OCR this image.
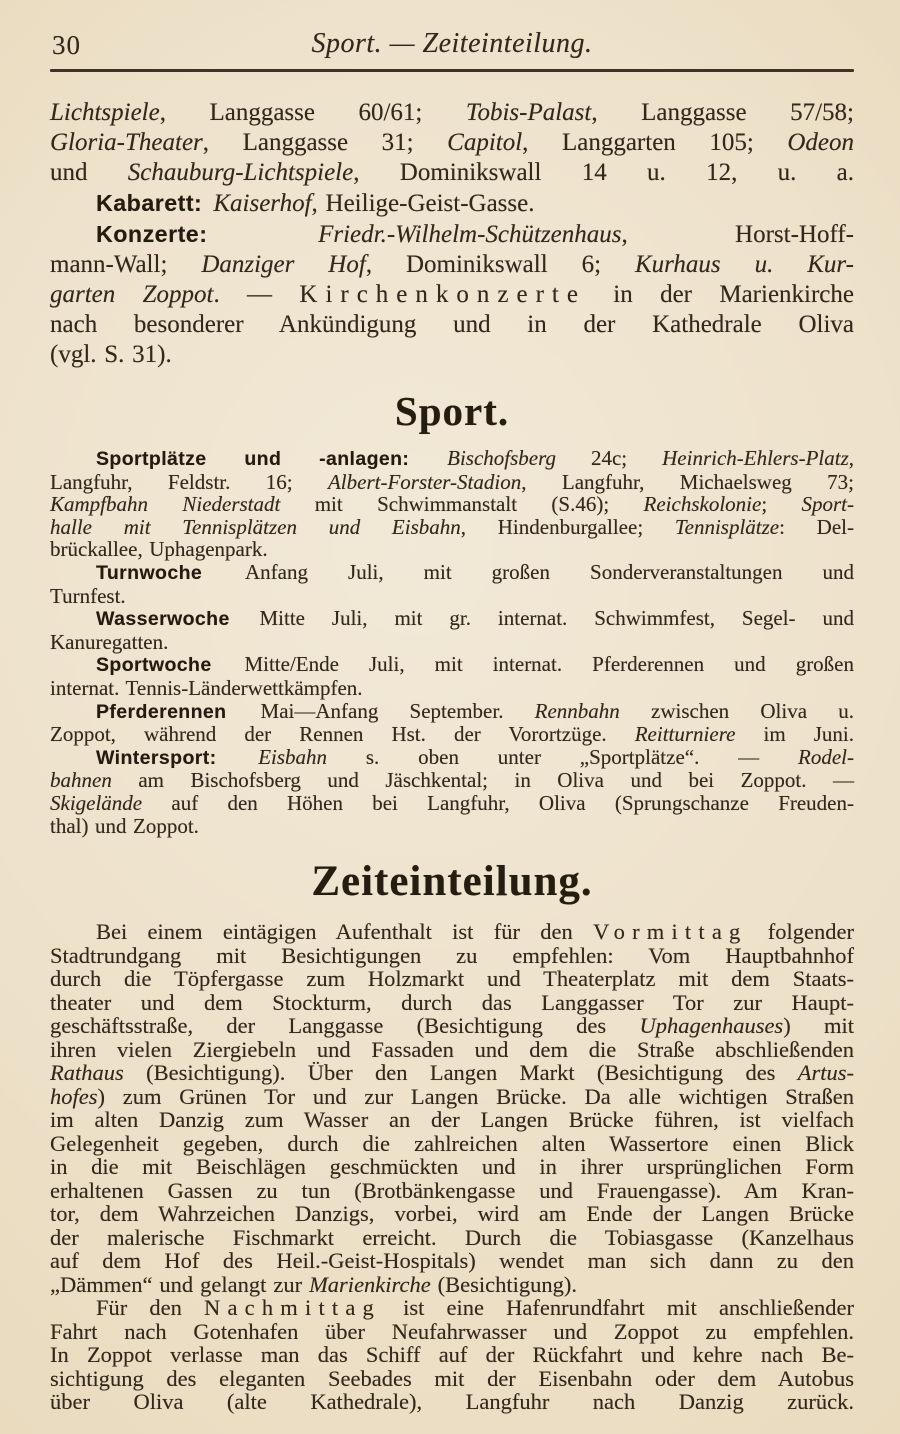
30	Sport. — Zeiteinteilung.

Lichtspiele, Langgasse 60/61; Tobis-Palast, Langgasse 57/58;
Gloria-Theater, Langgasse 31; Capitol, Langgarten 105; Odeon
und Schauburg-Lichtspiele, Dominikswall 14 u. 12, u. a.

Kabarett: Kaiserhof, Heilige-Geist-Gasse.

Konzerte: Friedr.-Wilhelm-Schützenhaus, Horst-Hoff-
mann-Wall; Danziger Hof, Dominikswall 6; Kurhaus u. Kur-
garten Zoppot. — Kirchenkonzerte in der Marienkirche
nach besonderer Ankündigung und in der Kathedrale Oliva
(vgl. S. 31).

Sport.

Sportplätze und -anlagen: Bischofsberg 24c; Heinrich-Ehlers-Platz,
Langfuhr, Feldstr. 16; Albert-Forster-Stadion, Langfuhr, Michaelsweg 73;
Kampfbahn Niederstadt mit Schwimmanstalt (S.46); Reichskolonie; Sport-
halle mit Tennisplätzen und Eisbahn, Hindenburgallee; Tennisplätze: Del-
brückallee, Uphagenpark.

Turnwoche Anfang Juli, mit großen Sonderveranstaltungen und
Turnfest.

Wasserwoche Mitte Juli, mit gr. internat. Schwimmfest, Segel- und
Kanuregatten.

Sportwoche Mitte/Ende Juli, mit internat. Pferderennen und großen
internat. Tennis-Länderwettkämpfen.

Pferderennen Mai—Anfang September. Rennbahn zwischen Oliva u.
Zoppot, während der Rennen Hst. der Vorortzüge. Reitturniere im Juni.

Wintersport: Eisbahn s. oben unter „Sportplätze“. — Rodel-
bahnen am Bischofsberg und Jäschkental; in Oliva und bei Zoppot. —
Skigelände auf den Höhen bei Langfuhr, Oliva (Sprungschanze Freuden-
thal) und Zoppot.

Zeiteinteilung.

Bei einem eintägigen Aufenthalt ist für den Vormittag folgender
Stadtrundgang mit Besichtigungen zu empfehlen: Vom Hauptbahnhof
durch die Töpfergasse zum Holzmarkt und Theaterplatz mit dem Staats-
theater und dem Stockturm, durch das Langgasser Tor zur Haupt-
geschäftsstraße, der Langgasse (Besichtigung des Uphagenhauses) mit
ihren vielen Ziergiebeln und Fassaden und dem die Straße abschließenden
Rathaus (Besichtigung). Über den Langen Markt (Besichtigung des Artus-
hofes) zum Grünen Tor und zur Langen Brücke. Da alle wichtigen Straßen
im alten Danzig zum Wasser an der Langen Brücke führen, ist vielfach
Gelegenheit gegeben, durch die zahlreichen alten Wassertore einen Blick
in die mit Beischlägen geschmückten und in ihrer ursprünglichen Form
erhaltenen Gassen zu tun (Brotbänkengasse und Frauengasse). Am Kran-
tor, dem Wahrzeichen Danzigs, vorbei, wird am Ende der Langen Brücke
der malerische Fischmarkt erreicht. Durch die Tobiasgasse (Kanzelhaus
auf dem Hof des Heil.-Geist-Hospitals) wendet man sich dann zu den
„Dämmen“ und gelangt zur Marienkirche (Besichtigung).

Für den Nachmittag ist eine Hafenrundfahrt mit anschließender
Fahrt nach Gotenhafen über Neufahrwasser und Zoppot zu empfehlen.
In Zoppot verlasse man das Schiff auf der Rückfahrt und kehre nach Be-
sichtigung des eleganten Seebades mit der Eisenbahn oder dem Autobus
über Oliva (alte Kathedrale), Langfuhr nach Danzig zurück.
